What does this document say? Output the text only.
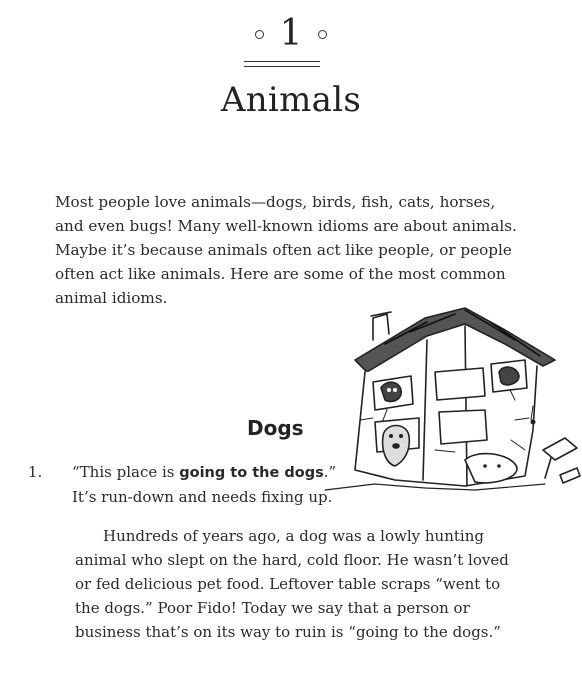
1
Animals
Most people love animals—dogs, birds, fish, cats, horses,
and even bugs! Many well-known idioms are about animals.
Maybe it’s because animals often act like people, or people
often act like animals. Here are some of the most common
animal idioms.
Dogs
1. “This place is going to the dogs.”
It’s run-down and needs fixing up.
Hundreds of years ago, a dog was a lowly hunting
animal who slept on the hard, cold floor. He wasn’t loved
or fed delicious pet food. Leftover table scraps “went to
the dogs.” Poor Fido! Today we say that a person or
business that’s on its way to ruin is “going to the dogs.”
